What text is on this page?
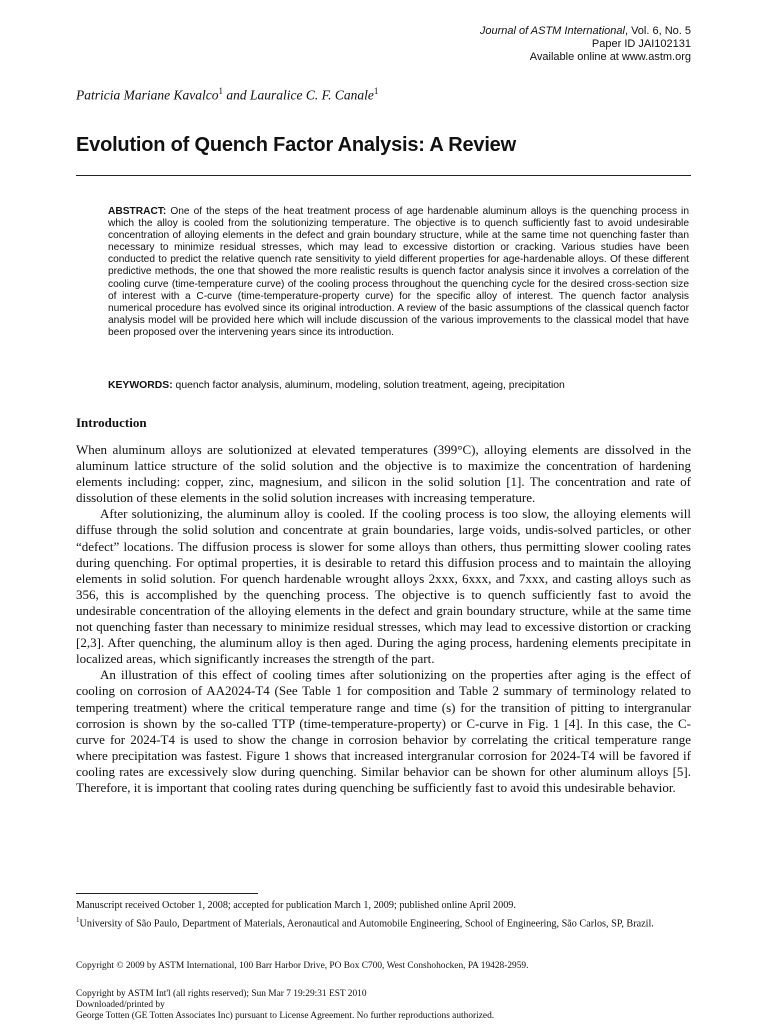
Journal of ASTM International, Vol. 6, No. 5
Paper ID JAI102131
Available online at www.astm.org
Patricia Mariane Kavalco$^1$ and Lauralice C. F. Canale$^1$
Evolution of Quench Factor Analysis: A Review

ABSTRACT: One of the steps of the heat treatment process of age hardenable aluminum alloys is the quenching process in which the alloy is cooled from the solutionizing temperature. The objective is to quench sufficiently fast to avoid undesirable concentration of alloying elements in the defect and grain boundary structure, while at the same time not quenching faster than necessary to minimize residual stresses, which may lead to excessive distortion or cracking. Various studies have been conducted to predict the relative quench rate sensitivity to yield different properties for age-hardenable alloys. Of these different predictive methods, the one that showed the more realistic results is quench factor analysis since it involves a correlation of the cooling curve (time-temperature curve) of the cooling process throughout the quenching cycle for the desired cross-section size of interest with a C-curve (time-temperature-property curve) for the specific alloy of interest. The quench factor analysis numerical procedure has evolved since its original introduction. A review of the basic assumptions of the classical quench factor analysis model will be provided here which will include discussion of the various improvements to the classical model that have been proposed over the intervening years since its introduction.

KEYWORDS: quench factor analysis, aluminum, modeling, solution treatment, ageing, precipitation

Introduction

When aluminum alloys are solutionized at elevated temperatures (399°C), alloying elements are dissolved in the aluminum lattice structure of the solid solution and the objective is to maximize the concentration of hardening elements including: copper, zinc, magnesium, and silicon in the solid solution [1]. The concentration and rate of dissolution of these elements in the solid solution increases with increasing temperature.

After solutionizing, the aluminum alloy is cooled. If the cooling process is too slow, the alloying elements will diffuse through the solid solution and concentrate at grain boundaries, large voids, undis-solved particles, or other “defect” locations. The diffusion process is slower for some alloys than others, thus permitting slower cooling rates during quenching. For optimal properties, it is desirable to retard this diffusion process and to maintain the alloying elements in solid solution. For quench hardenable wrought alloys 2xxx, 6xxx, and 7xxx, and casting alloys such as 356, this is accomplished by the quenching process. The objective is to quench sufficiently fast to avoid the undesirable concentration of the alloying elements in the defect and grain boundary structure, while at the same time not quenching faster than necessary to minimize residual stresses, which may lead to excessive distortion or cracking [2,3]. After quenching, the aluminum alloy is then aged. During the aging process, hardening elements precipitate in localized areas, which significantly increases the strength of the part.

An illustration of this effect of cooling times after solutionizing on the properties after aging is the effect of cooling on corrosion of AA2024-T4 (See Table 1 for composition and Table 2 summary of terminology related to tempering treatment) where the critical temperature range and time (s) for the transition of pitting to intergranular corrosion is shown by the so-called TTP (time-temperature-property) or C-curve in Fig. 1 [4]. In this case, the C-curve for 2024-T4 is used to show the change in corrosion behavior by correlating the critical temperature range where precipitation was fastest. Figure 1 shows that increased intergranular corrosion for 2024-T4 will be favored if cooling rates are excessively slow during quenching. Similar behavior can be shown for other aluminum alloys [5]. Therefore, it is important that cooling rates during quenching be sufficiently fast to avoid this undesirable behavior.

Manuscript received October 1, 2008; accepted for publication March 1, 2009; published online April 2009.

$^1$University of São Paulo, Department of Materials, Aeronautical and Automobile Engineering, School of Engineering, São Carlos, SP, Brazil.

Copyright © 2009 by ASTM International, 100 Barr Harbor Drive, PO Box C700, West Conshohocken, PA 19428-2959.
Copyright by ASTM Int'l (all rights reserved); Sun Mar 7 19:29:31 EST 2010
Downloaded/printed by
George Totten (GE Totten Associates Inc) pursuant to License Agreement. No further reproductions authorized.
